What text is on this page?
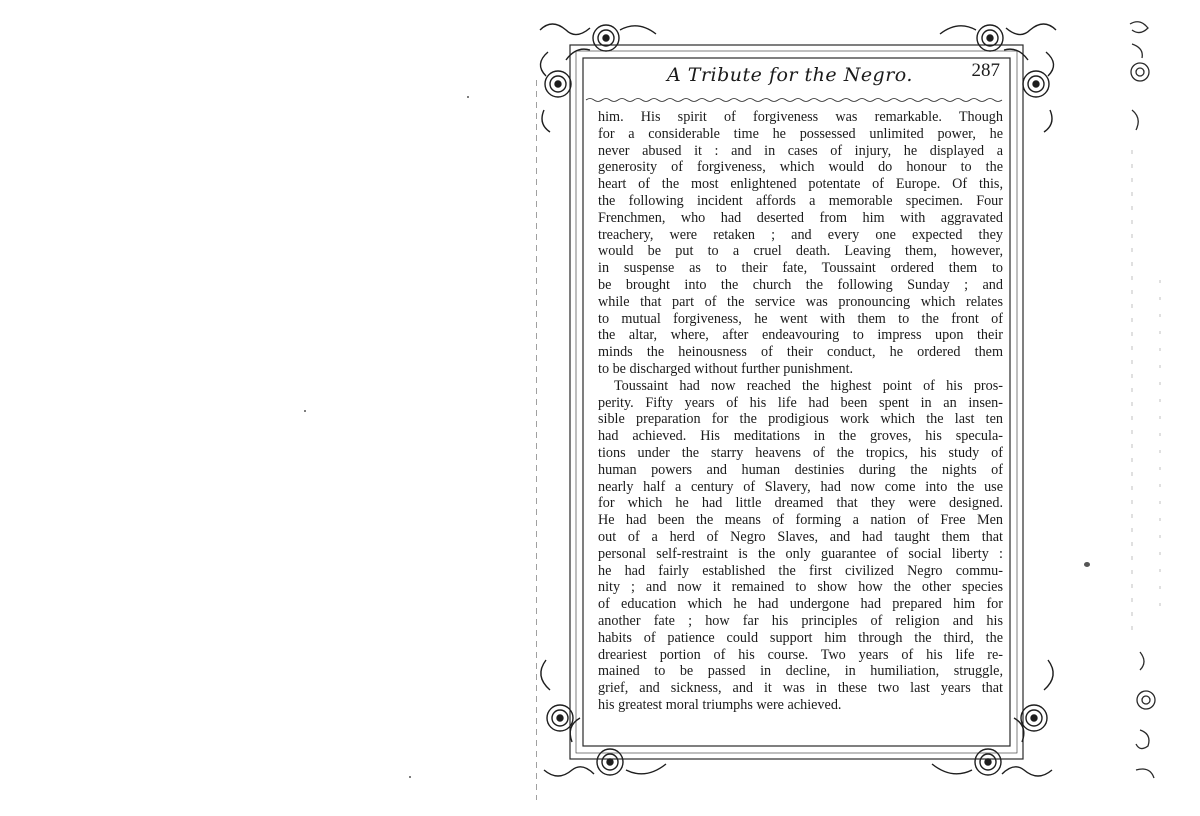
A Tribute for the Negro.	287
him. His spirit of forgiveness was remarkable. Though
for a considerable time he possessed unlimited power, he
never abused it : and in cases of injury, he displayed a
generosity of forgiveness, which would do honour to the
heart of the most enlightened potentate of Europe. Of this,
the following incident affords a memorable specimen. Four
Frenchmen, who had deserted from him with aggravated
treachery, were retaken ; and every one expected they
would be put to a cruel death. Leaving them, however,
in suspense as to their fate, Toussaint ordered them to
be brought into the church the following Sunday ; and
while that part of the service was pronouncing which relates
to mutual forgiveness, he went with them to the front of
the altar, where, after endeavouring to impress upon their
minds the heinousness of their conduct, he ordered them
to be discharged without further punishment.
Toussaint had now reached the highest point of his pros-
perity. Fifty years of his life had been spent in an insen-
sible preparation for the prodigious work which the last ten
had achieved. His meditations in the groves, his specula-
tions under the starry heavens of the tropics, his study of
human powers and human destinies during the nights of
nearly half a century of Slavery, had now come into the use
for which he had little dreamed that they were designed.
He had been the means of forming a nation of Free Men
out of a herd of Negro Slaves, and had taught them that
personal self-restraint is the only guarantee of social liberty :
he had fairly established the first civilized Negro commu-
nity ; and now it remained to show how the other species
of education which he had undergone had prepared him for
another fate ; how far his principles of religion and his
habits of patience could support him through the third, the
dreariest portion of his course. Two years of his life re-
mained to be passed in decline, in humiliation, struggle,
grief, and sickness, and it was in these two last years that
his greatest moral triumphs were achieved.
